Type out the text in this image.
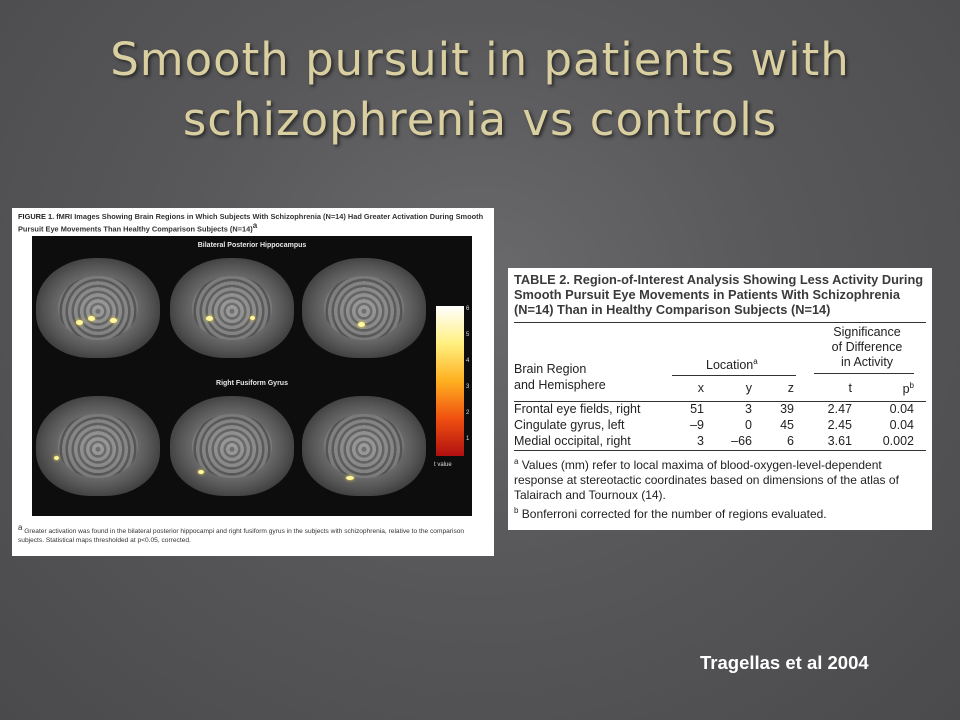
Smooth pursuit in patients with
schizophrenia vs controls
FIGURE 1. fMRI Images Showing Brain Regions in Which Subjects With Schizophrenia (N=14) Had Greater Activation During Smooth Pursuit Eye Movements Than Healthy Comparison Subjects (N=14)$^a$
Bilateral Posterior Hippocampus
Right Fusiform Gyrus
6
5
4
3
2
1
t value
$^a$ Greater activation was found in the bilateral posterior hippocampi and right fusiform gyrus in the subjects with schizophrenia, relative to the comparison subjects. Statistical maps thresholded at p<0.05, corrected.
TABLE 2. Region-of-Interest Analysis Showing Less Activity During Smooth Pursuit Eye Movements in Patients With Schizophrenia (N=14) Than in Healthy Comparison Subjects (N=14)
Brain Region
and Hemisphere
Location$^a$
Significance
of Difference
in Activity
x	y	z	t	$p^b$
Frontal eye fields, right	51	3	39	2.47	0.04
Cingulate gyrus, left	–9	0	45	2.45	0.04
Medial occipital, right	3	–66	6	3.61	0.002
$^a$ Values (mm) refer to local maxima of blood-oxygen-level-dependent response at stereotactic coordinates based on dimensions of the atlas of Talairach and Tournoux (14).
$^b$ Bonferroni corrected for the number of regions evaluated.
Tragellas et al 2004
